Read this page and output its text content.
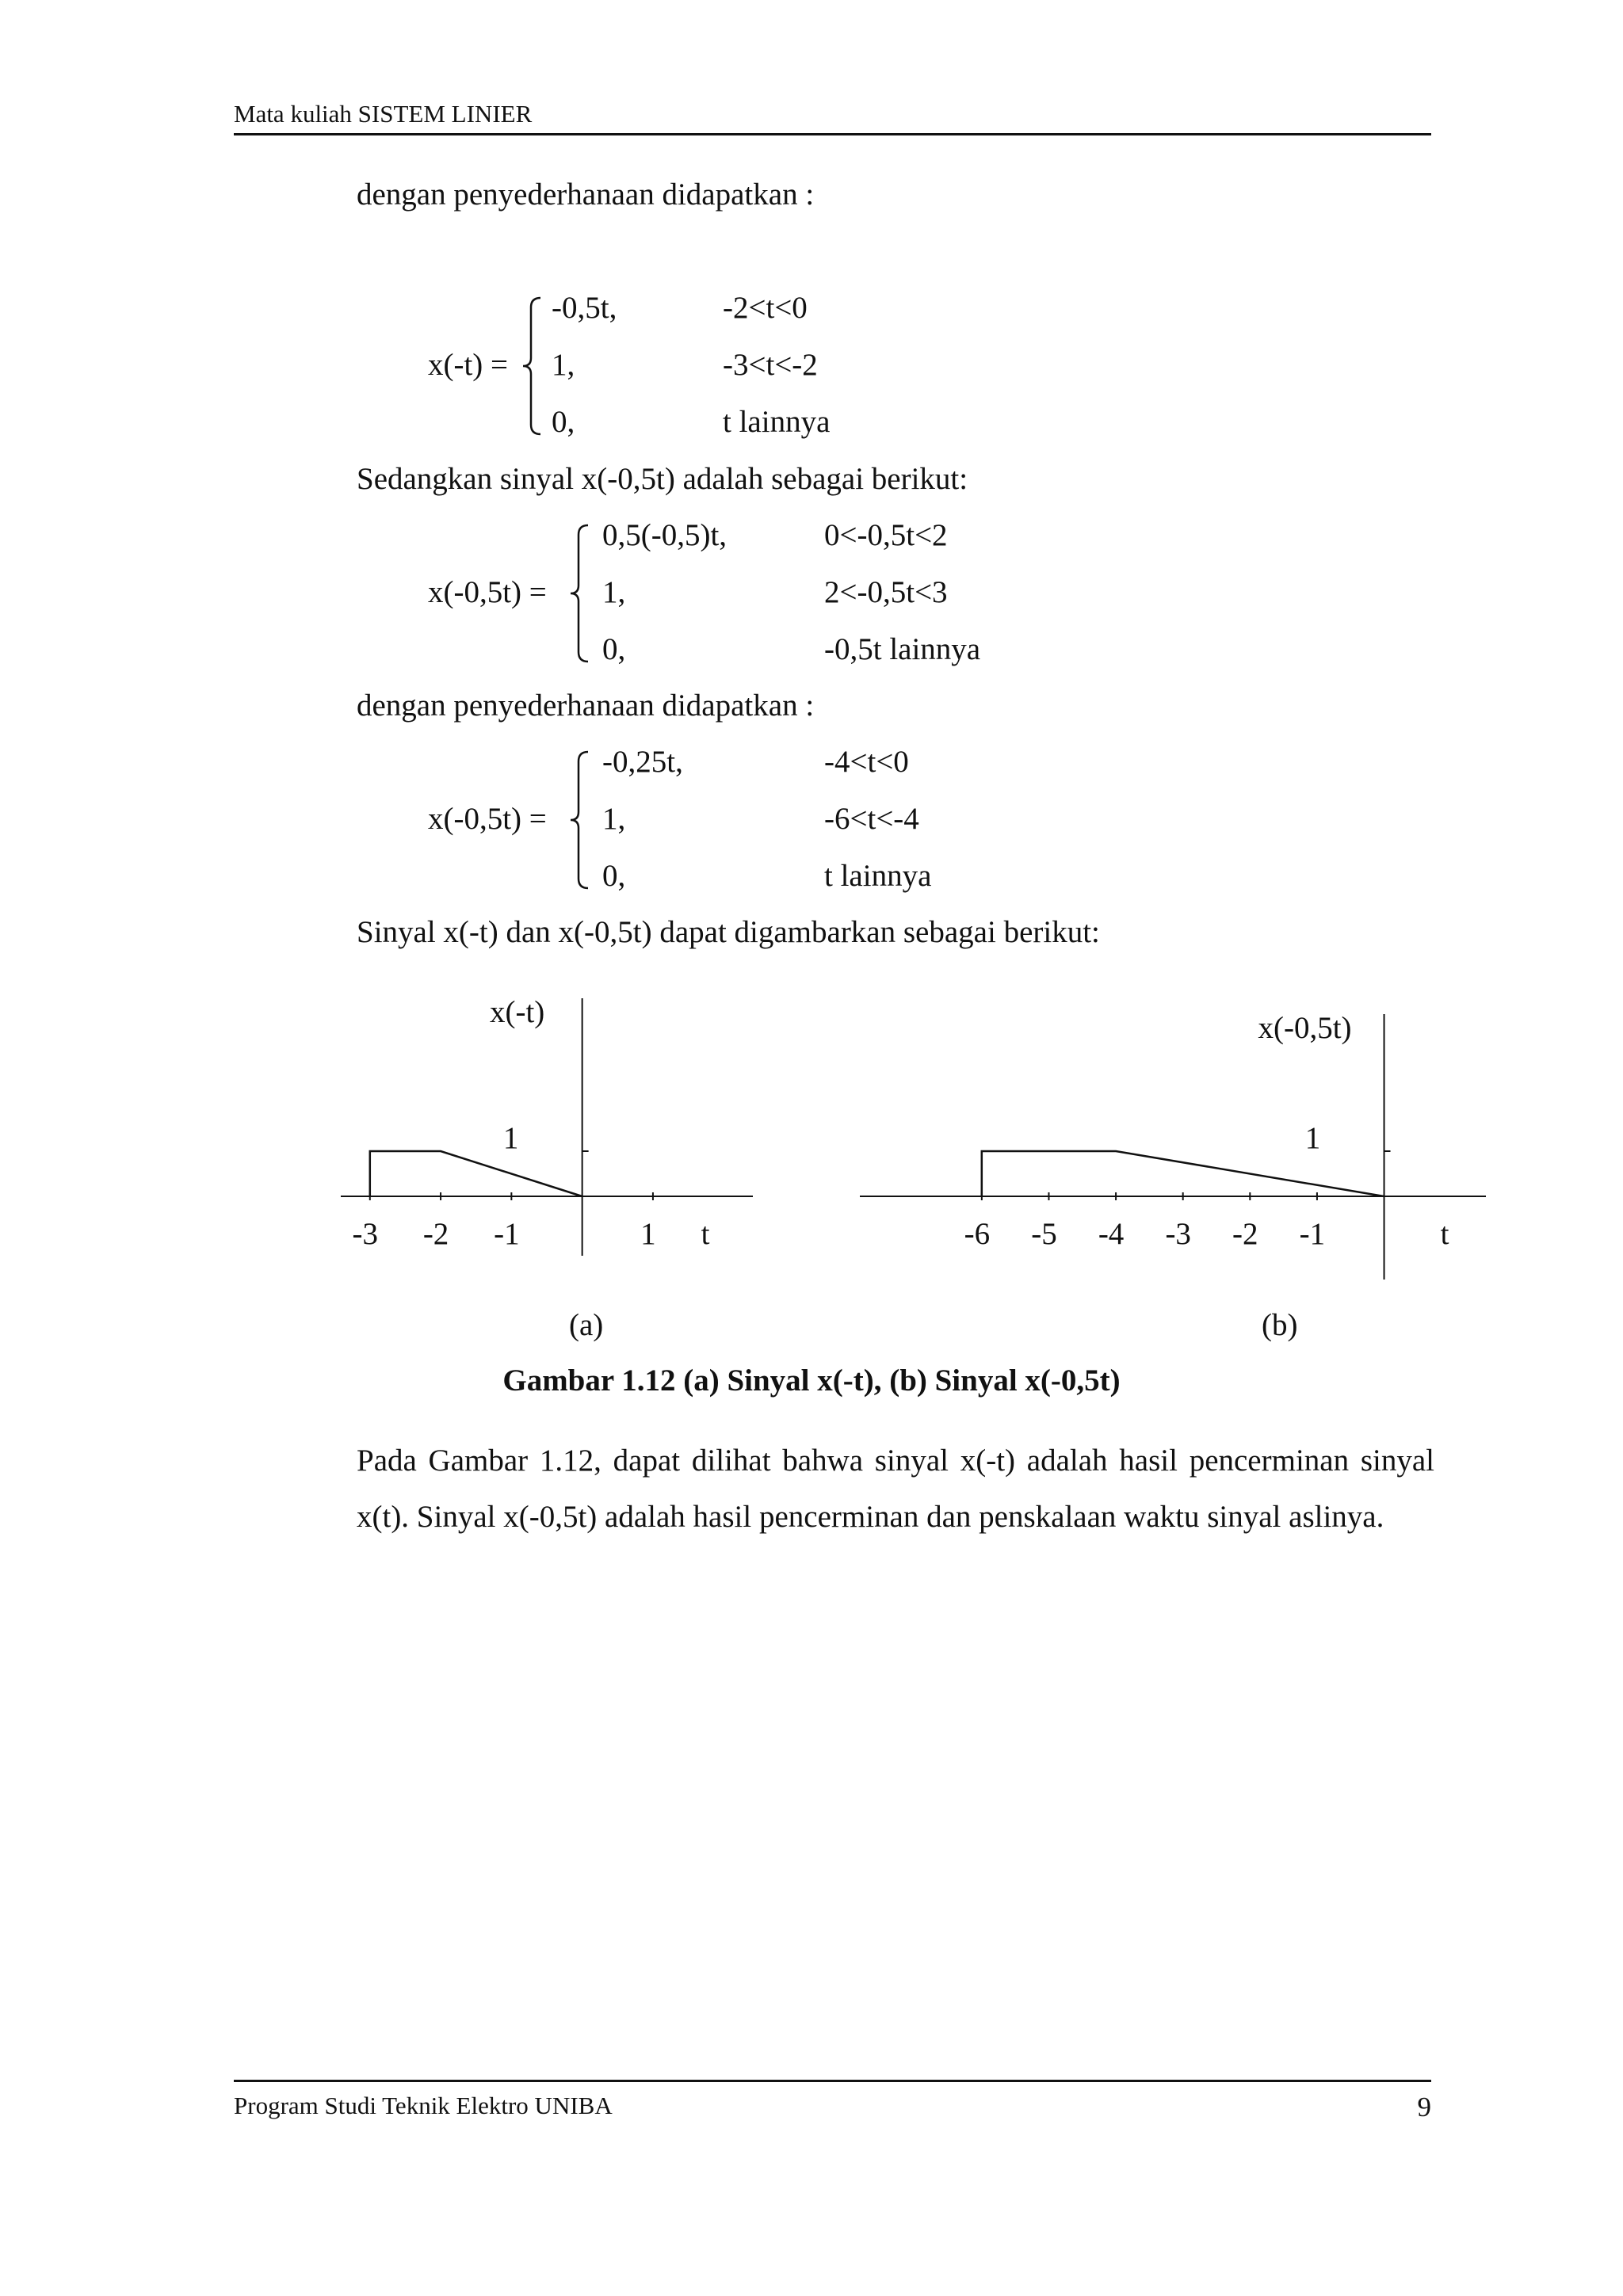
Mata kuliah SISTEM LINIER
dengan penyederhanaan didapatkan :
x(-t) =
-0,5t,	-2<t<0
1,	-3<t<-2
0,	t lainnya
Sedangkan sinyal x(-0,5t) adalah sebagai berikut:
x(-0,5t) =
0,5(-0,5)t,	0<-0,5t<2
1,	2<-0,5t<3
0,	-0,5t lainnya
dengan penyederhanaan didapatkan :
x(-0,5t) =
-0,25t,	-4<t<0
1,	-6<t<-4
0,	t lainnya
Sinyal x(-t) dan x(-0,5t) dapat digambarkan sebagai berikut:
1
-3 -2 -1	1 t
x(-t)
1
-6 -5 -4 -3 -2 -1	t
x(-0,5t)
(a)	(b)
Gambar 1.12 (a) Sinyal x(-t), (b) Sinyal x(-0,5t)

Pada Gambar 1.12, dapat dilihat bahwa sinyal x(-t) adalah hasil pencerminan sinyal x(t). Sinyal x(-0,5t) adalah hasil pencerminan dan penskalaan waktu sinyal aslinya.

Program Studi Teknik Elektro UNIBA	9
